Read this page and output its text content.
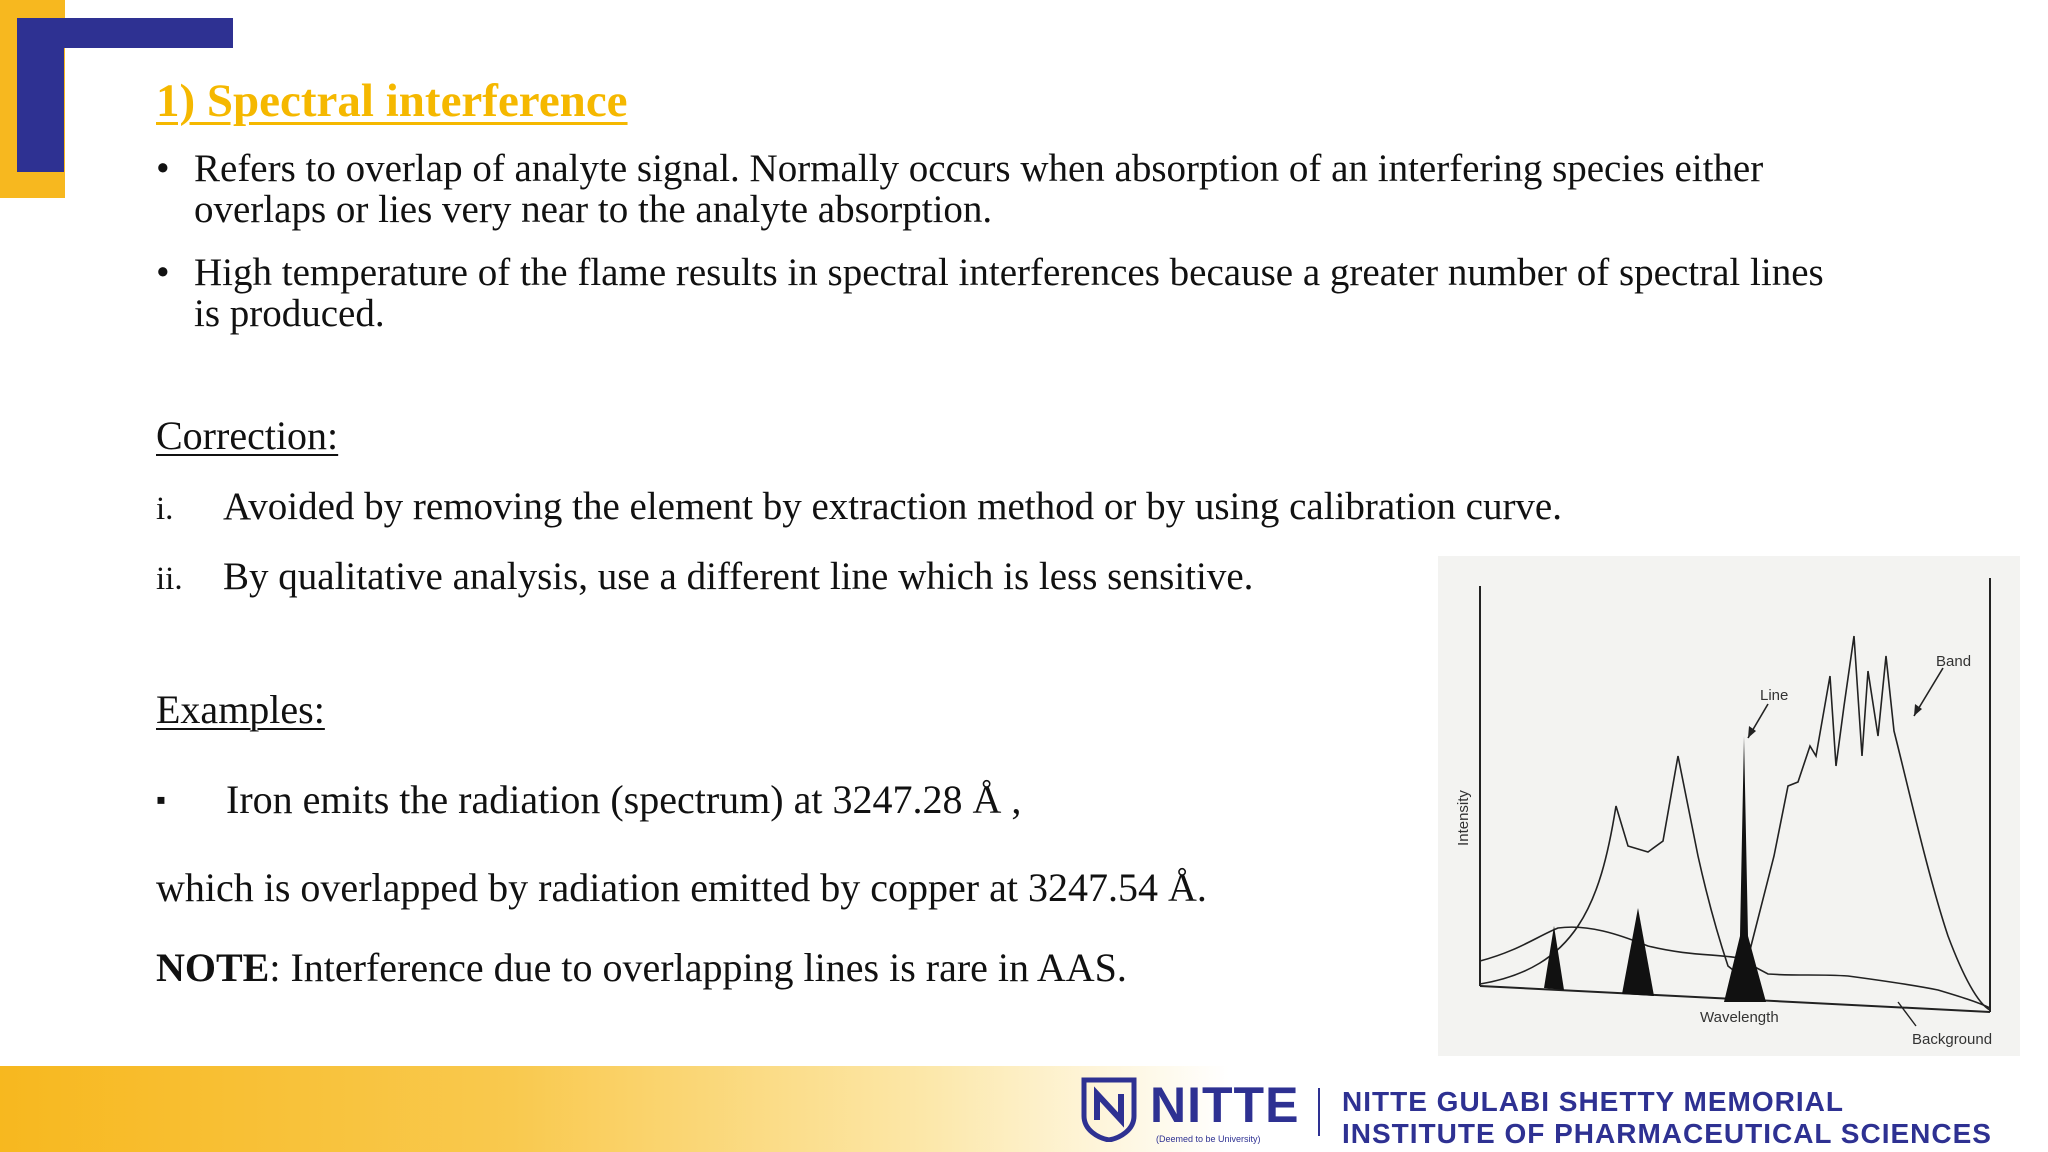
1) Spectral interference
• Refers to overlap of analyte signal. Normally occurs when absorption of an interfering species either overlaps or lies very near to the analyte absorption.
• High temperature of the flame results in spectral interferences because a greater number of spectral lines is produced.
Correction:
i. Avoided by removing the element by extraction method or by using calibration curve.
ii. By qualitative analysis, use a different line which is less sensitive.
Examples:
▪ Iron emits the radiation (spectrum) at 3247.28 Å ,
which is overlapped by radiation emitted by copper at 3247.54 Å.
NOTE: Interference due to overlapping lines is rare in AAS.
Intensity
Wavelength
Line
Band
Background
NITTE
(Deemed to be University)
NITTE GULABI SHETTY MEMORIAL
INSTITUTE OF PHARMACEUTICAL SCIENCES
